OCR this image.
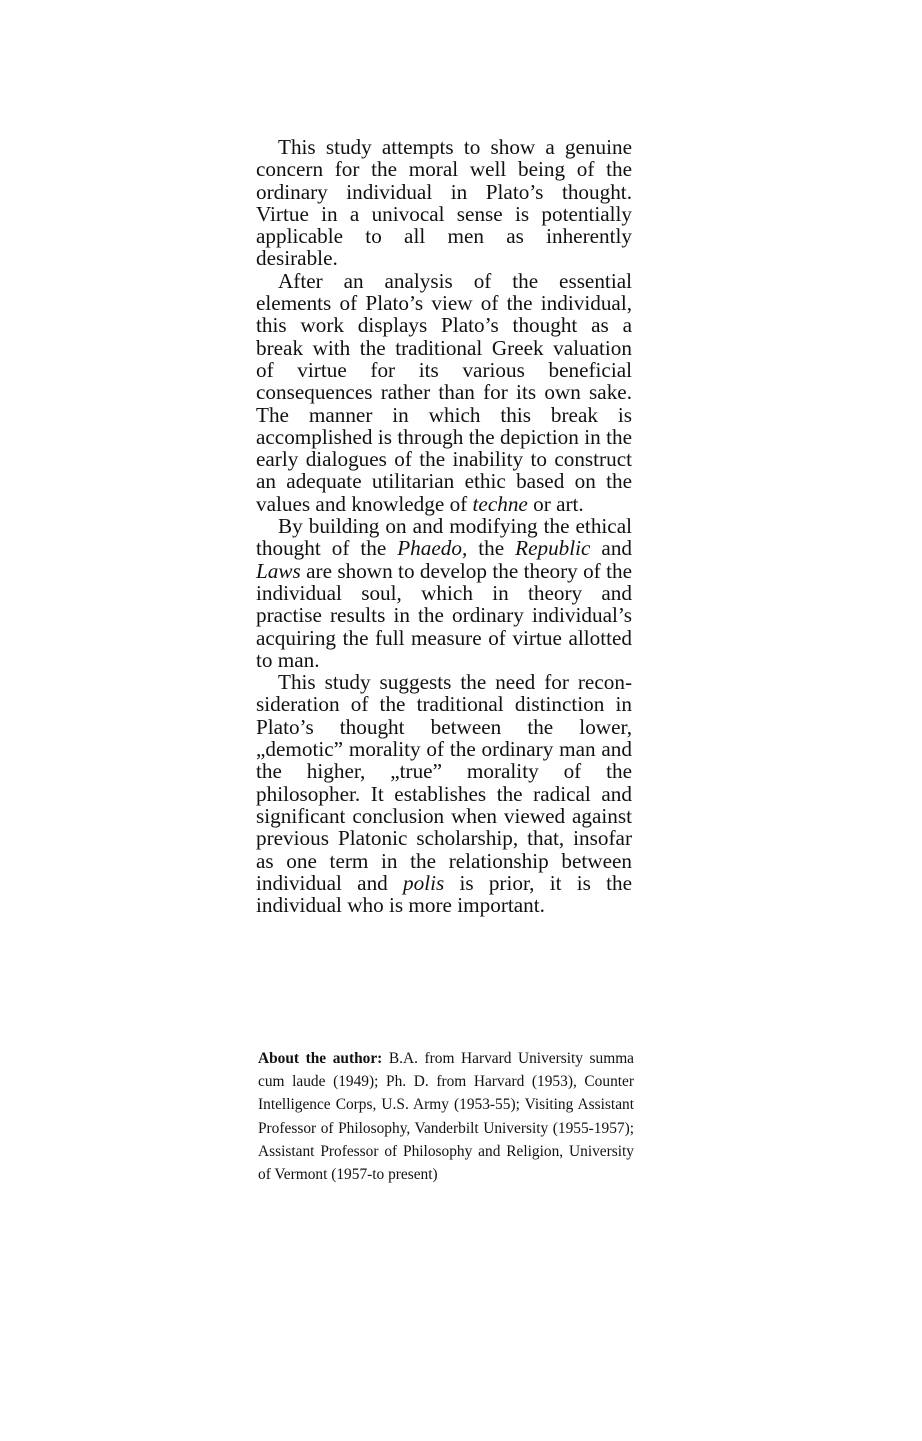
This study attempts to show a genuine concern for the moral well being of the ordinary individual in Plato’s thought. Virtue in a univocal sense is potentially applicable to all men as inherently desirable.

After an analysis of the essential elements of Plato’s view of the individual, this work displays Plato’s thought as a break with the traditional Greek valuation of virtue for its various beneficial consequences rather than for its own sake. The manner in which this break is accomplished is through the depiction in the early dialogues of the inability to construct an adequate utilitarian ethic based on the values and knowledge of techne or art.

By building on and modifying the ethical thought of the Phaedo, the Republic and Laws are shown to develop the theory of the individual soul, which in theory and practise results in the ordinary individual’s acquiring the full measure of virtue allotted to man.

This study suggests the need for reconsideration of the traditional distinction in Plato’s thought between the lower, „demotic” morality of the ordinary man and the higher, „true” morality of the philosopher. It establishes the radical and significant conclusion when viewed against previous Platonic scholarship, that, insofar as one term in the relationship between individual and polis is prior, it is the individual who is more important.

About the author: B.A. from Harvard University summa cum laude (1949); Ph. D. from Harvard (1953), Counter Intelligence Corps, U.S. Army (1953-55); Visiting Assistant Professor of Philosophy, Vanderbilt University (1955-1957); Assistant Professor of Philosophy and Religion, University of Vermont (1957-to present)
